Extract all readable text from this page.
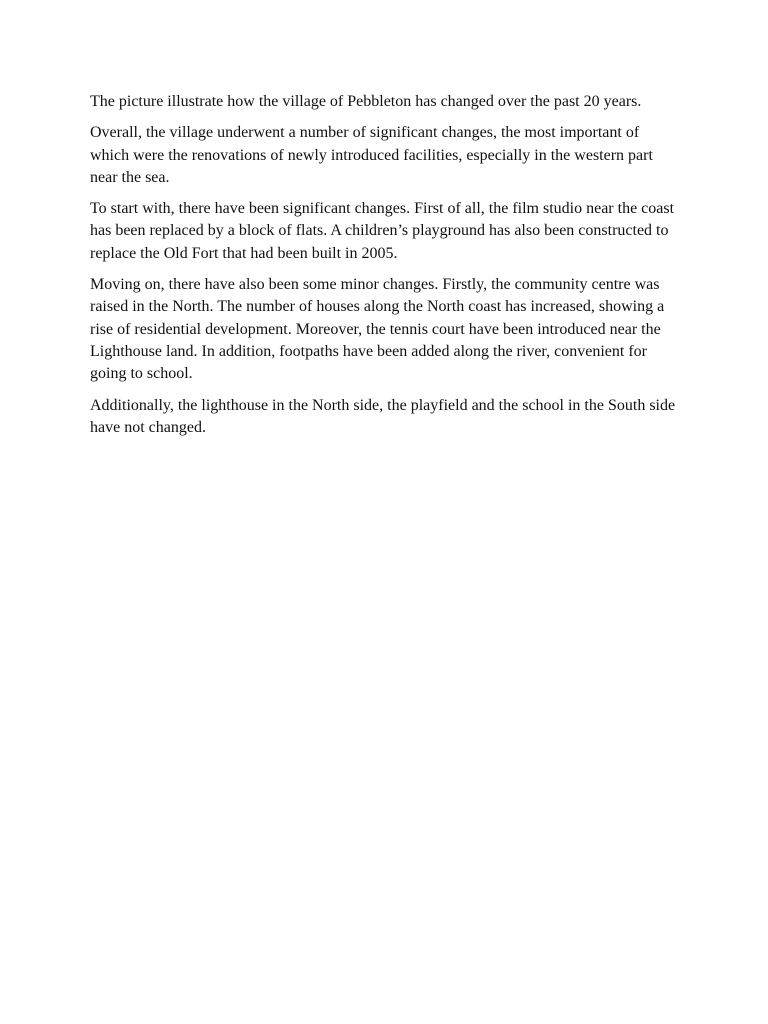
The picture illustrate how the village of Pebbleton has changed over the past 20 years.

Overall, the village underwent a number of significant changes, the most important of which were the renovations of newly introduced facilities, especially in the western part near the sea.

To start with, there have been significant changes. First of all, the film studio near the coast has been replaced by a block of flats. A children’s playground has also been constructed to replace the Old Fort that had been built in 2005.

Moving on, there have also been some minor changes. Firstly, the community centre was raised in the North. The number of houses along the North coast has increased, showing a rise of residential development. Moreover, the tennis court have been introduced near the Lighthouse land. In addition, footpaths have been added along the river, convenient for going to school.

Additionally, the lighthouse in the North side, the playfield and the school in the South side have not changed.
